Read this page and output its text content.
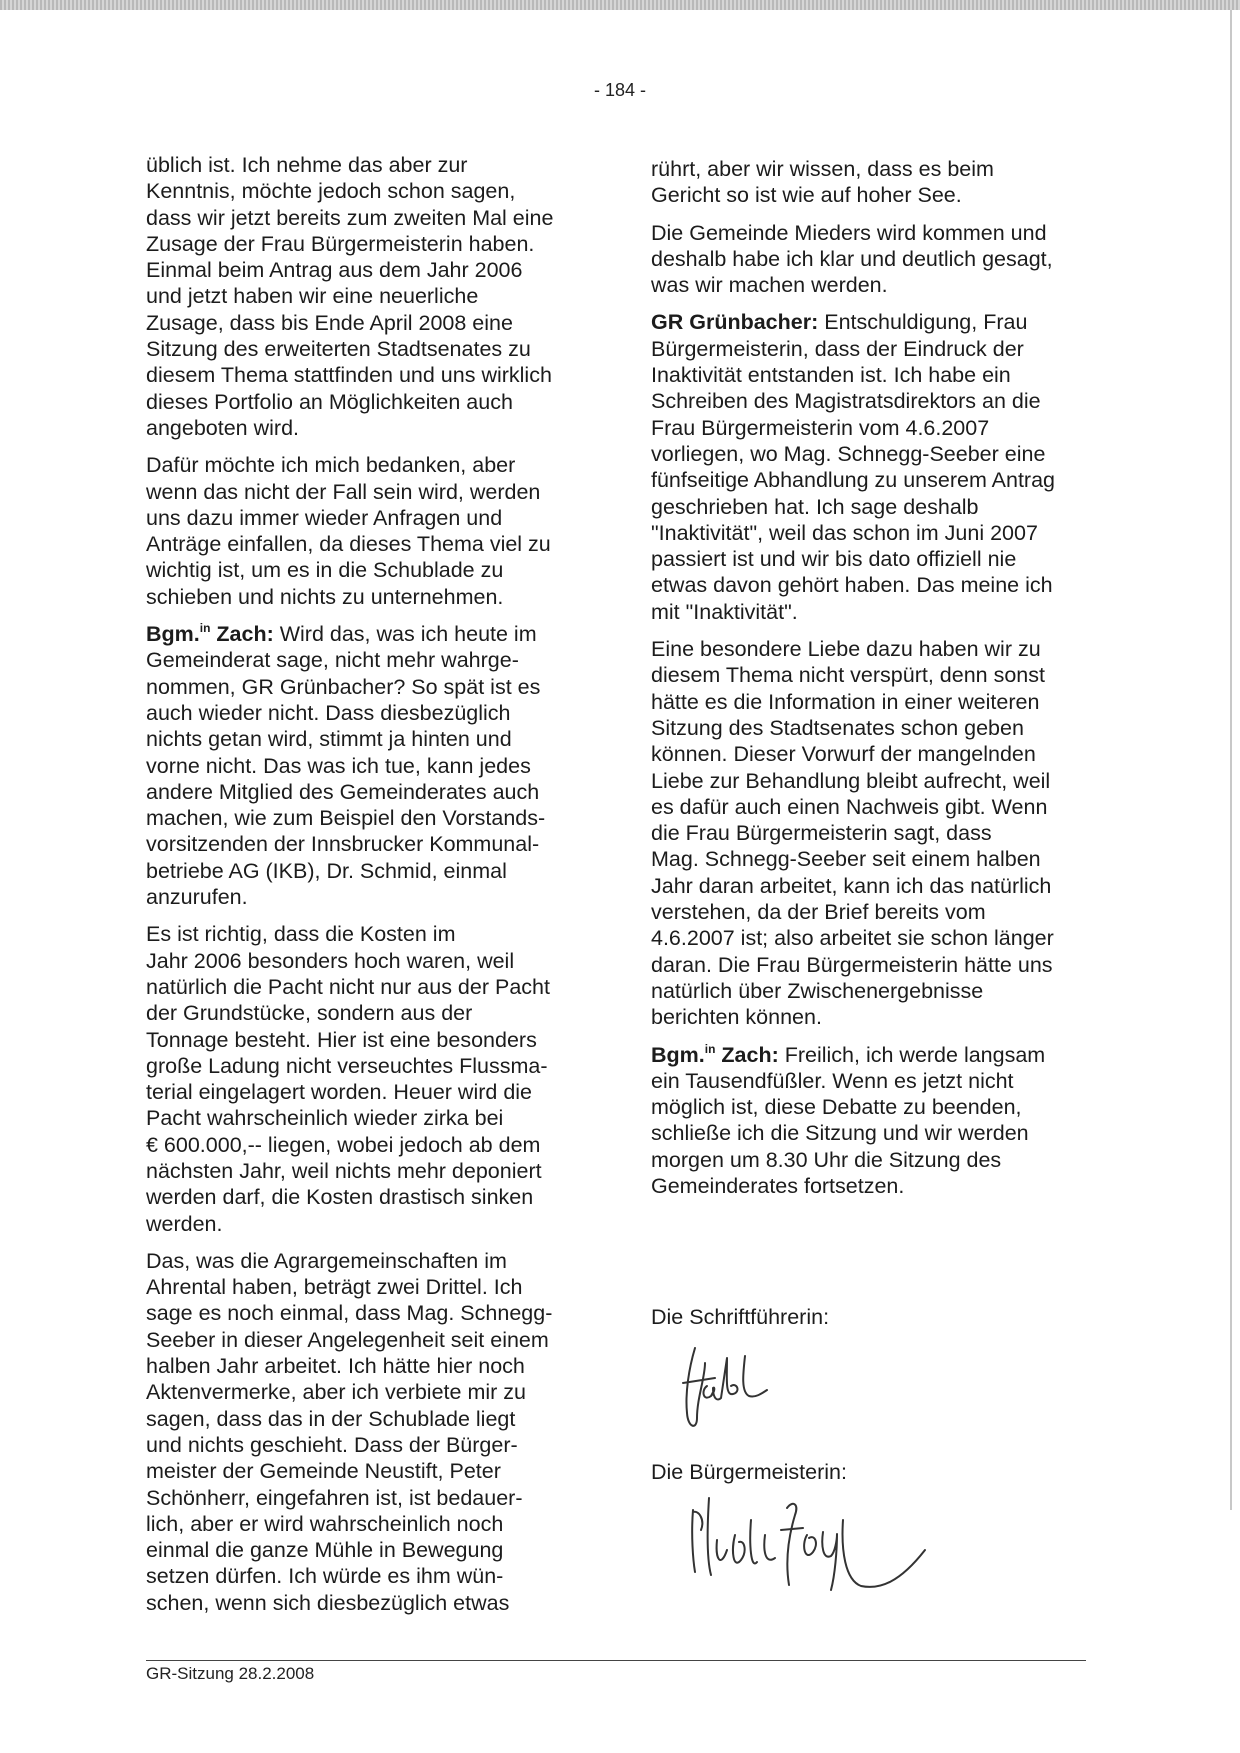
- 184 -

üblich ist. Ich nehme das aber zur
Kenntnis, möchte jedoch schon sagen,
dass wir jetzt bereits zum zweiten Mal eine
Zusage der Frau Bürgermeisterin haben.
Einmal beim Antrag aus dem Jahr 2006
und jetzt haben wir eine neuerliche
Zusage, dass bis Ende April 2008 eine
Sitzung des erweiterten Stadtsenates zu
diesem Thema stattfinden und uns wirklich
dieses Portfolio an Möglichkeiten auch
angeboten wird.

Dafür möchte ich mich bedanken, aber
wenn das nicht der Fall sein wird, werden
uns dazu immer wieder Anfragen und
Anträge einfallen, da dieses Thema viel zu
wichtig ist, um es in die Schublade zu
schieben und nichts zu unternehmen.

Bgm.$^{in}$ Zach: Wird das, was ich heute im
Gemeinderat sage, nicht mehr wahrge-
nommen, GR Grünbacher? So spät ist es
auch wieder nicht. Dass diesbezüglich
nichts getan wird, stimmt ja hinten und
vorne nicht. Das was ich tue, kann jedes
andere Mitglied des Gemeinderates auch
machen, wie zum Beispiel den Vorstands-
vorsitzenden der Innsbrucker Kommunal-
betriebe AG (IKB), Dr. Schmid, einmal
anzurufen.

Es ist richtig, dass die Kosten im
Jahr 2006 besonders hoch waren, weil
natürlich die Pacht nicht nur aus der Pacht
der Grundstücke, sondern aus der
Tonnage besteht. Hier ist eine besonders
große Ladung nicht verseuchtes Flussma-
terial eingelagert worden. Heuer wird die
Pacht wahrscheinlich wieder zirka bei
€ 600.000,-- liegen, wobei jedoch ab dem
nächsten Jahr, weil nichts mehr deponiert
werden darf, die Kosten drastisch sinken
werden.

Das, was die Agrargemeinschaften im
Ahrental haben, beträgt zwei Drittel. Ich
sage es noch einmal, dass Mag. Schnegg-
Seeber in dieser Angelegenheit seit einem
halben Jahr arbeitet. Ich hätte hier noch
Aktenvermerke, aber ich verbiete mir zu
sagen, dass das in der Schublade liegt
und nichts geschieht. Dass der Bürger-
meister der Gemeinde Neustift, Peter
Schönherr, eingefahren ist, ist bedauer-
lich, aber er wird wahrscheinlich noch
einmal die ganze Mühle in Bewegung
setzen dürfen. Ich würde es ihm wün-
schen, wenn sich diesbezüglich etwas

rührt, aber wir wissen, dass es beim
Gericht so ist wie auf hoher See.

Die Gemeinde Mieders wird kommen und
deshalb habe ich klar und deutlich gesagt,
was wir machen werden.

GR Grünbacher: Entschuldigung, Frau
Bürgermeisterin, dass der Eindruck der
Inaktivität entstanden ist. Ich habe ein
Schreiben des Magistratsdirektors an die
Frau Bürgermeisterin vom 4.6.2007
vorliegen, wo Mag. Schnegg-Seeber eine
fünfseitige Abhandlung zu unserem Antrag
geschrieben hat. Ich sage deshalb
"Inaktivität", weil das schon im Juni 2007
passiert ist und wir bis dato offiziell nie
etwas davon gehört haben. Das meine ich
mit "Inaktivität".

Eine besondere Liebe dazu haben wir zu
diesem Thema nicht verspürt, denn sonst
hätte es die Information in einer weiteren
Sitzung des Stadtsenates schon geben
können. Dieser Vorwurf der mangelnden
Liebe zur Behandlung bleibt aufrecht, weil
es dafür auch einen Nachweis gibt. Wenn
die Frau Bürgermeisterin sagt, dass
Mag. Schnegg-Seeber seit einem halben
Jahr daran arbeitet, kann ich das natürlich
verstehen, da der Brief bereits vom
4.6.2007 ist; also arbeitet sie schon länger
daran. Die Frau Bürgermeisterin hätte uns
natürlich über Zwischenergebnisse
berichten können.

Bgm.$^{in}$ Zach: Freilich, ich werde langsam
ein Tausendfüßler. Wenn es jetzt nicht
möglich ist, diese Debatte zu beenden,
schließe ich die Sitzung und wir werden
morgen um 8.30 Uhr die Sitzung des
Gemeinderates fortsetzen.

Die Schriftführerin:
Die Bürgermeisterin:
GR-Sitzung 28.2.2008
